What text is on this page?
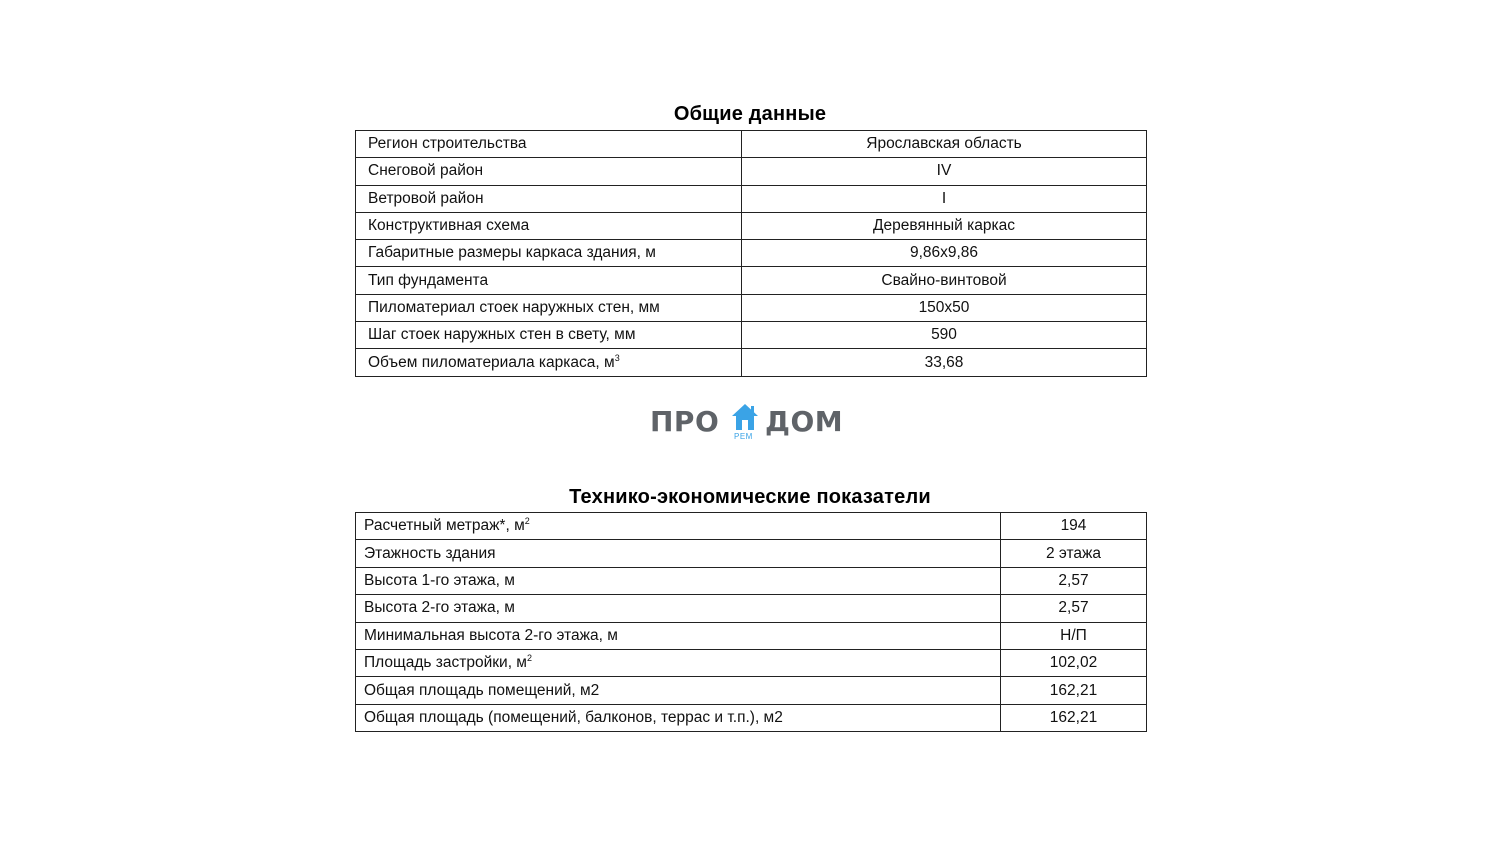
Общие данные
Регион строительства	Ярославская область
Снеговой район	IV
Ветровой район	I
Конструктивная схема	Деревянный каркас
Габаритные размеры каркаса здания, м	9,86х9,86
Тип фундамента	Свайно-винтовой
Пиломатериал стоек наружных стен, мм	150х50
Шаг стоек наружных стен в свету, мм	590
Объем пиломатериала каркаса, $м^3$	33,68
ПРО РЕМ ДОМ
Технико-экономические показатели
Расчетный метраж*, $м^2$	194
Этажность здания	2 этажа
Высота 1-го этажа, м	2,57
Высота 2-го этажа, м	2,57
Минимальная высота 2-го этажа, м	Н/П
Площадь застройки, $м^2$	102,02
Общая площадь помещений, м2	162,21
Общая площадь (помещений, балконов, террас и т.п.), м2	162,21
